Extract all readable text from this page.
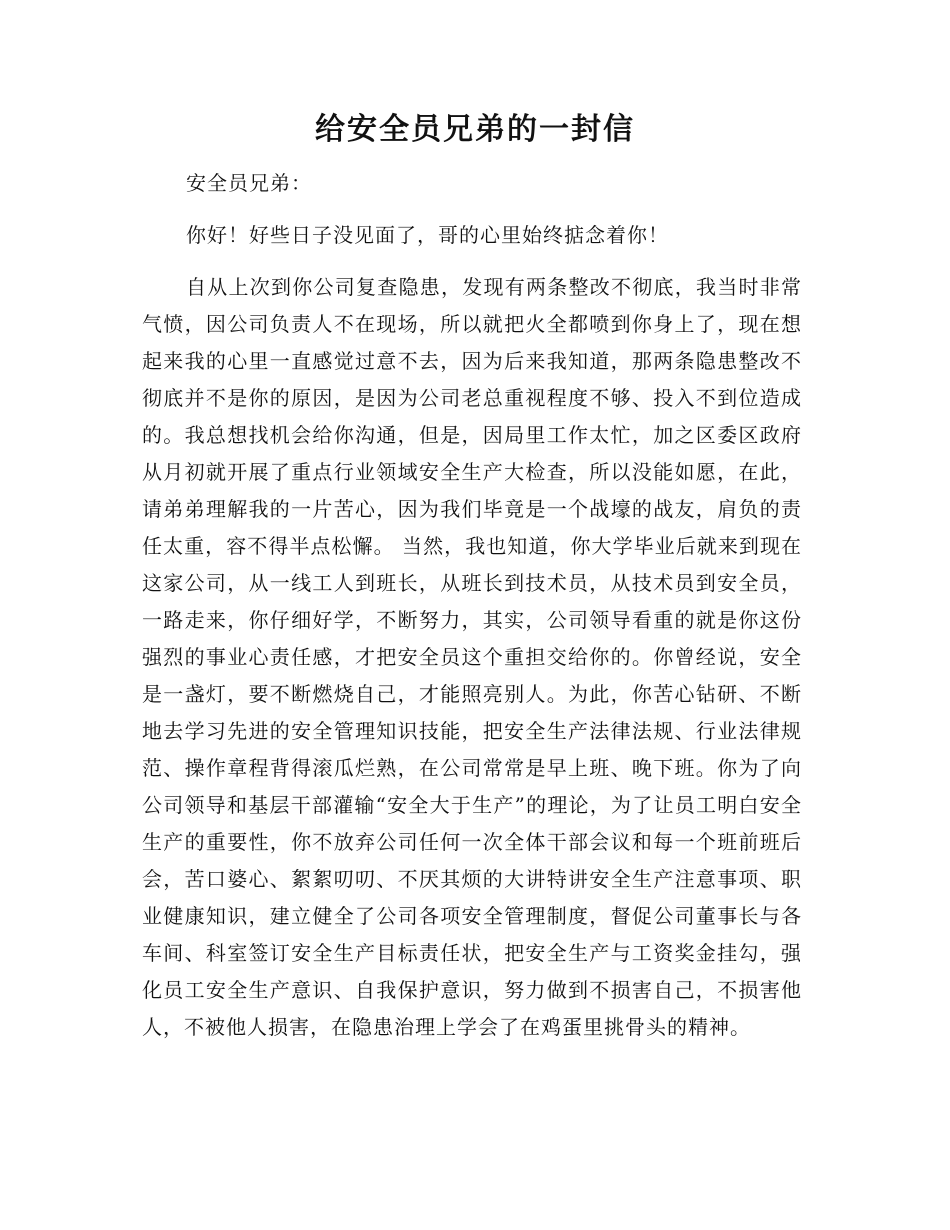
给安全员兄弟的一封信

安全员兄弟：

你好！好些日子没见面了，哥的心里始终掂念着你！

自从上次到你公司复查隐患，发现有两条整改不彻底，我当时非常气愤，因公司负责人不在现场，所以就把火全都喷到你身上了，现在想起来我的心里一直感觉过意不去，因为后来我知道，那两条隐患整改不彻底并不是你的原因，是因为公司老总重视程度不够、投入不到位造成的。我总想找机会给你沟通，但是，因局里工作太忙，加之区委区政府从月初就开展了重点行业领域安全生产大检查，所以没能如愿，在此，请弟弟理解我的一片苦心，因为我们毕竟是一个战壕的战友，肩负的责任太重，容不得半点松懈。 当然，我也知道，你大学毕业后就来到现在这家公司，从一线工人到班长，从班长到技术员，从技术员到安全员，一路走来，你仔细好学，不断努力，其实，公司领导看重的就是你这份强烈的事业心责任感，才把安全员这个重担交给你的。你曾经说，安全是一盏灯，要不断燃烧自己，才能照亮别人。为此，你苦心钻研、不断地去学习先进的安全管理知识技能，把安全生产法律法规、行业法律规范、操作章程背得滚瓜烂熟，在公司常常是早上班、晚下班。你为了向公司领导和基层干部灌输“安全大于生产”的理论，为了让员工明白安全生产的重要性，你不放弃公司任何一次全体干部会议和每一个班前班后会，苦口婆心、絮絮叨叨、不厌其烦的大讲特讲安全生产注意事项、职业健康知识，建立健全了公司各项安全管理制度，督促公司董事长与各车间、科室签订安全生产目标责任状，把安全生产与工资奖金挂勾，强化员工安全生产意识、自我保护意识，努力做到不损害自己，不损害他人，不被他人损害，在隐患治理上学会了在鸡蛋里挑骨头的精神。
